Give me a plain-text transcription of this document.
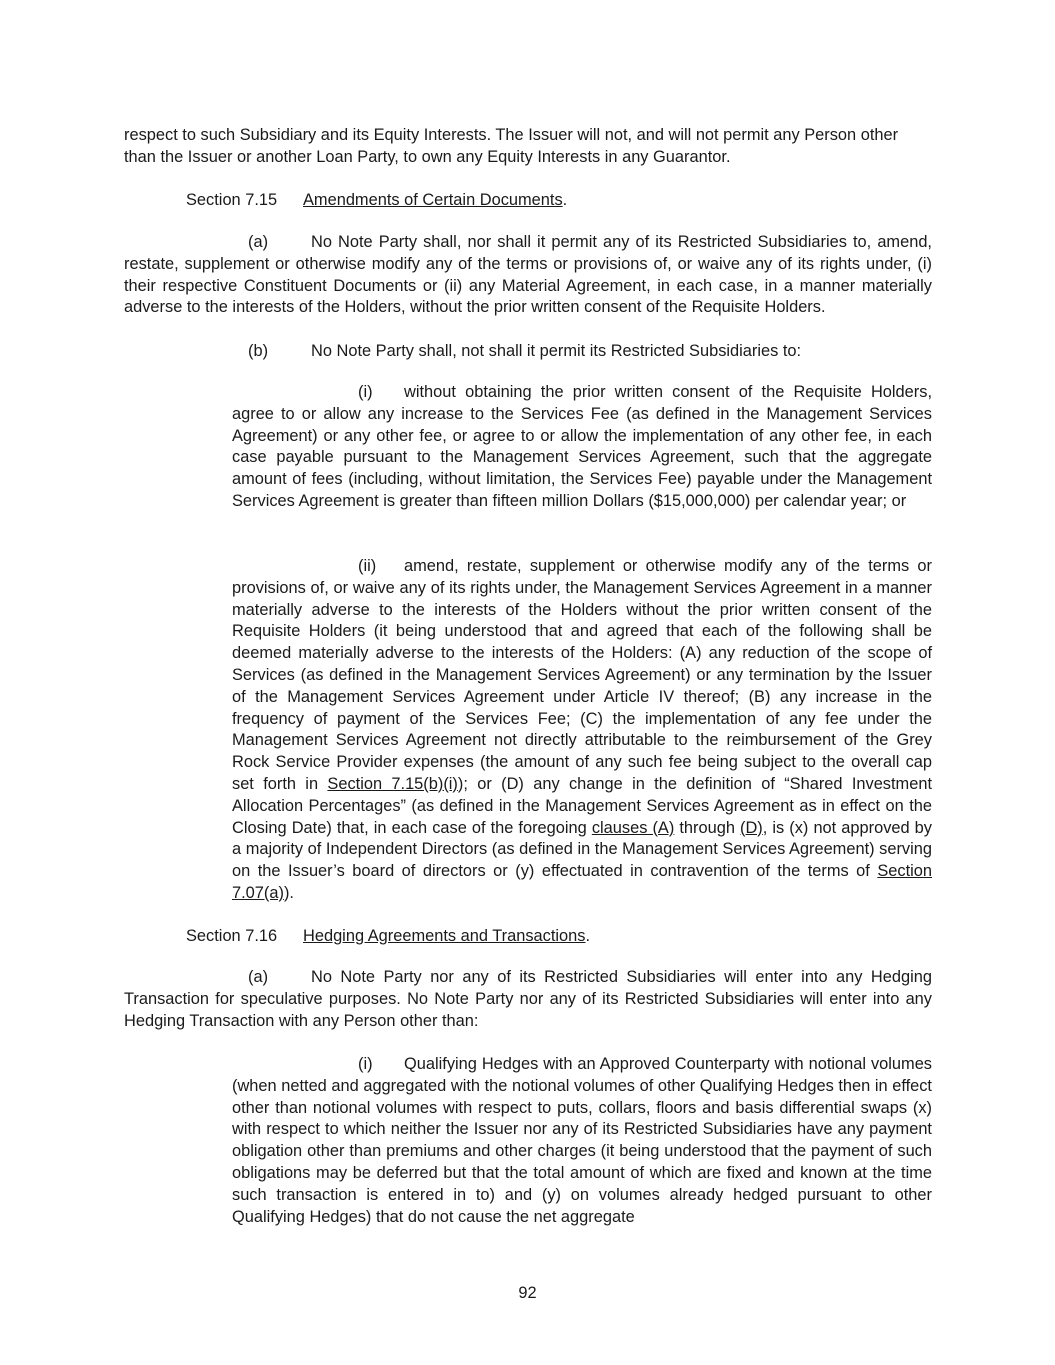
respect to such Subsidiary and its Equity Interests. The Issuer will not, and will not permit any Person other than the Issuer or another Loan Party, to own any Equity Interests in any Guarantor.

Section 7.15 Amendments of Certain Documents.

(a)	No Note Party shall, nor shall it permit any of its Restricted Subsidiaries to, amend, restate, supplement or otherwise modify any of the terms or provisions of, or waive any of its rights under, (i) their respective Constituent Documents or (ii) any Material Agreement, in each case, in a manner materially adverse to the interests of the Holders, without the prior written consent of the Requisite Holders.

(b)	No Note Party shall, not shall it permit its Restricted Subsidiaries to:

(i) without obtaining the prior written consent of the Requisite Holders, agree to or allow any increase to the Services Fee (as defined in the Management Services Agreement) or any other fee, or agree to or allow the implementation of any other fee, in each case payable pursuant to the Management Services Agreement, such that the aggregate amount of fees (including, without limitation, the Services Fee) payable under the Management Services Agreement is greater than fifteen million Dollars ($15,000,000) per calendar year; or

(ii) amend, restate, supplement or otherwise modify any of the terms or provisions of, or waive any of its rights under, the Management Services Agreement in a manner materially adverse to the interests of the Holders without the prior written consent of the Requisite Holders (it being understood that and agreed that each of the following shall be deemed materially adverse to the interests of the Holders: (A) any reduction of the scope of Services (as defined in the Management Services Agreement) or any termination by the Issuer of the Management Services Agreement under Article IV thereof; (B) any increase in the frequency of payment of the Services Fee; (C) the implementation of any fee under the Management Services Agreement not directly attributable to the reimbursement of the Grey Rock Service Provider expenses (the amount of any such fee being subject to the overall cap set forth in Section 7.15(b)(i)); or (D) any change in the definition of “Shared Investment Allocation Percentages” (as defined in the Management Services Agreement as in effect on the Closing Date) that, in each case of the foregoing clauses (A) through (D), is (x) not approved by a majority of Independent Directors (as defined in the Management Services Agreement) serving on the Issuer’s board of directors or (y) effectuated in contravention of the terms of Section 7.07(a)).

Section 7.16 Hedging Agreements and Transactions.

(a)	No Note Party nor any of its Restricted Subsidiaries will enter into any Hedging Transaction for speculative purposes. No Note Party nor any of its Restricted Subsidiaries will enter into any Hedging Transaction with any Person other than:

(i) Qualifying Hedges with an Approved Counterparty with notional volumes (when netted and aggregated with the notional volumes of other Qualifying Hedges then in effect other than notional volumes with respect to puts, collars, floors and basis differential swaps (x) with respect to which neither the Issuer nor any of its Restricted Subsidiaries have any payment obligation other than premiums and other charges (it being understood that the payment of such obligations may be deferred but that the total amount of which are fixed and known at the time such transaction is entered in to) and (y) on volumes already hedged pursuant to other Qualifying Hedges) that do not cause the net aggregate

92
